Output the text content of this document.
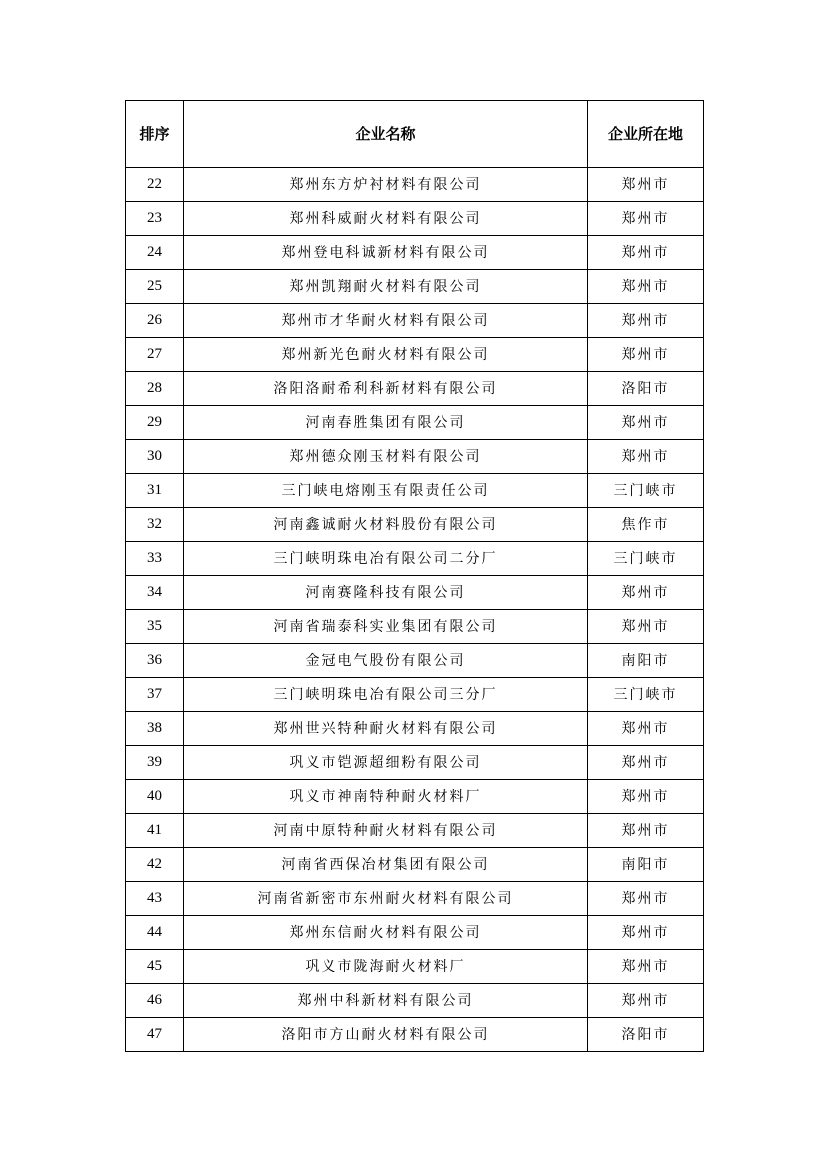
排序	企业名称	企业所在地
22	郑州东方炉衬材料有限公司	郑州市
23	郑州科威耐火材料有限公司	郑州市
24	郑州登电科诚新材料有限公司	郑州市
25	郑州凯翔耐火材料有限公司	郑州市
26	郑州市才华耐火材料有限公司	郑州市
27	郑州新光色耐火材料有限公司	郑州市
28	洛阳洛耐希利科新材料有限公司	洛阳市
29	河南春胜集团有限公司	郑州市
30	郑州德众刚玉材料有限公司	郑州市
31	三门峡电熔刚玉有限责任公司	三门峡市
32	河南鑫诚耐火材料股份有限公司	焦作市
33	三门峡明珠电冶有限公司二分厂	三门峡市
34	河南赛隆科技有限公司	郑州市
35	河南省瑞泰科实业集团有限公司	郑州市
36	金冠电气股份有限公司	南阳市
37	三门峡明珠电冶有限公司三分厂	三门峡市
38	郑州世兴特种耐火材料有限公司	郑州市
39	巩义市铠源超细粉有限公司	郑州市
40	巩义市神南特种耐火材料厂	郑州市
41	河南中原特种耐火材料有限公司	郑州市
42	河南省西保冶材集团有限公司	南阳市
43	河南省新密市东州耐火材料有限公司	郑州市
44	郑州东信耐火材料有限公司	郑州市
45	巩义市陇海耐火材料厂	郑州市
46	郑州中科新材料有限公司	郑州市
47	洛阳市方山耐火材料有限公司	洛阳市
